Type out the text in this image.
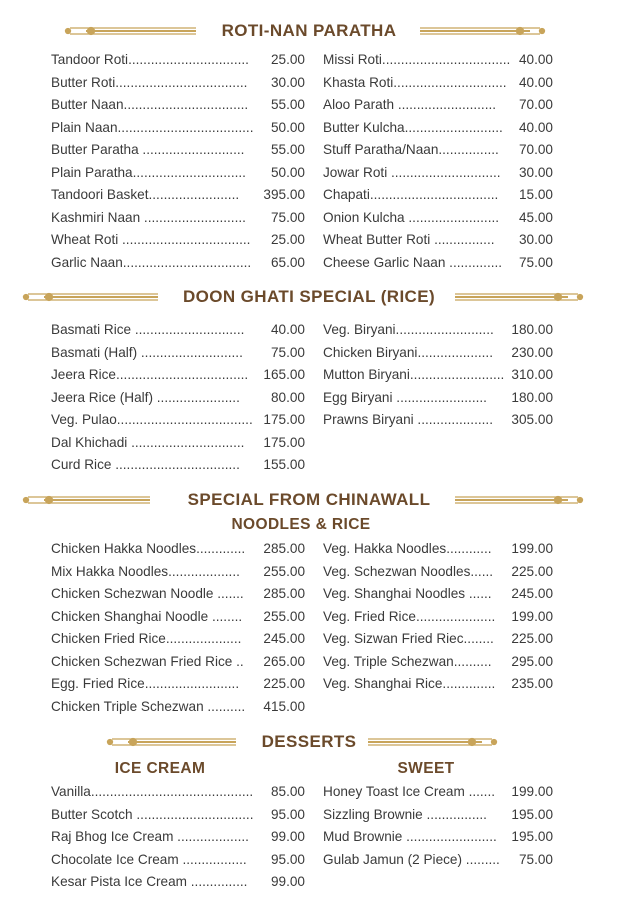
ROTI-NAN PARATHA
Tandoor Roti................................ 25.00
Butter Roti................................... 30.00
Butter Naan................................. 55.00
Plain Naan.................................... 50.00
Butter Paratha ........................... 55.00
Plain Paratha.............................. 50.00
Tandoori Basket........................ 395.00
Kashmiri Naan ........................... 75.00
Wheat Roti .................................. 25.00
Garlic Naan.................................. 65.00
Missi Roti.................................. 40.00
Khasta Roti.............................. 40.00
Aloo Parath .......................... 70.00
Butter Kulcha.......................... 40.00
Stuff Paratha/Naan................ 70.00
Jowar Roti ............................. 30.00
Chapati.................................. 15.00
Onion Kulcha ........................ 45.00
Wheat Butter Roti ................ 30.00
Cheese Garlic Naan .............. 75.00
DOON GHATI SPECIAL (RICE)
Basmati Rice ............................. 40.00
Basmati (Half) ........................... 75.00
Jeera Rice................................... 165.00
Jeera Rice (Half) ...................... 80.00
Veg. Pulao.................................... 175.00
Dal Khichadi .............................. 175.00
Curd Rice ................................. 155.00
Veg. Biryani.......................... 180.00
Chicken Biryani.................... 230.00
Mutton Biryani......................... 310.00
Egg Biryani ........................ 180.00
Prawns Biryani .................... 305.00
SPECIAL FROM CHINAWALL
NOODLES & RICE
Chicken Hakka Noodles............. 285.00
Mix Hakka Noodles................... 255.00
Chicken Schezwan Noodle ....... 285.00
Chicken Shanghai Noodle ........ 255.00
Chicken Fried Rice.................... 245.00
Chicken Schezwan Fried Rice .. 265.00
Egg. Fried Rice......................... 225.00
Chicken Triple Schezwan .......... 415.00
Veg. Hakka Noodles............ 199.00
Veg. Schezwan Noodles...... 225.00
Veg. Shanghai Noodles ...... 245.00
Veg. Fried Rice..................... 199.00
Veg. Sizwan Fried Riec........ 225.00
Veg. Triple Schezwan.......... 295.00
Veg. Shanghai Rice.............. 235.00
DESSERTS
ICE CREAM	SWEET
Vanilla........................................... 85.00
Butter Scotch ............................... 95.00
Raj Bhog Ice Cream ................... 99.00
Chocolate Ice Cream ................. 95.00
Kesar Pista Ice Cream ............... 99.00
Honey Toast Ice Cream ....... 199.00
Sizzling Brownie ................ 195.00
Mud Brownie ........................ 195.00
Gulab Jamun (2 Piece) ......... 75.00
